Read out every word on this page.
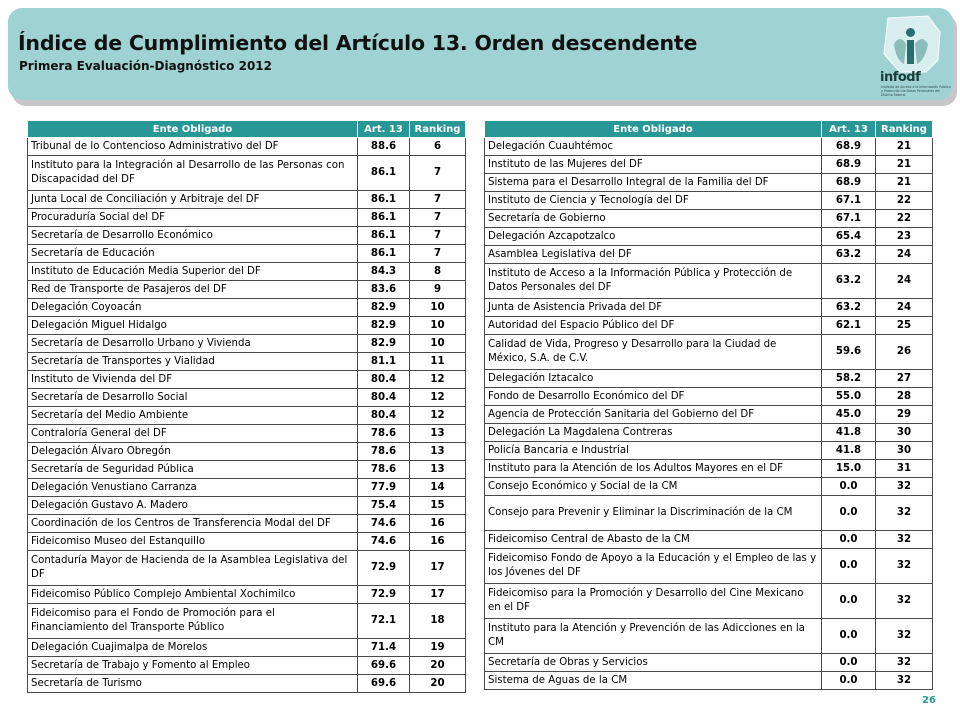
Índice de Cumplimiento del Artículo 13. Orden descendente
Primera Evaluación-Diagnóstico 2012
infodf
Instituto de Acceso a la Información Pública y Protección de Datos Personales del Distrito Federal
Ente Obligado	Art. 13	Ranking
Tribunal de lo Contencioso Administrativo del DF	88.6	6
Instituto para la Integración al Desarrollo de las Personas con Discapacidad del DF	86.1	7
Junta Local de Conciliación y Arbitraje del DF	86.1	7
Procuraduría Social del DF	86.1	7
Secretaría de Desarrollo Económico	86.1	7
Secretaría de Educación	86.1	7
Instituto de Educación Media Superior del DF	84.3	8
Red de Transporte de Pasajeros del DF	83.6	9
Delegación Coyoacán	82.9	10
Delegación Miguel Hidalgo	82.9	10
Secretaría de Desarrollo Urbano y Vivienda	82.9	10
Secretaría de Transportes y Vialidad	81.1	11
Instituto de Vivienda del DF	80.4	12
Secretaría de Desarrollo Social	80.4	12
Secretaría del Medio Ambiente	80.4	12
Contraloría General del DF	78.6	13
Delegación Álvaro Obregón	78.6	13
Secretaría de Seguridad Pública	78.6	13
Delegación Venustiano Carranza	77.9	14
Delegación Gustavo A. Madero	75.4	15
Coordinación de los Centros de Transferencia Modal del DF	74.6	16
Fideicomiso Museo del Estanquillo	74.6	16
Contaduría Mayor de Hacienda de la Asamblea Legislativa del DF	72.9	17
Fideicomiso Público Complejo Ambiental Xochimilco	72.9	17
Fideicomiso para el Fondo de Promoción para el Financiamiento del Transporte Público	72.1	18
Delegación Cuajimalpa de Morelos	71.4	19
Secretaría de Trabajo y Fomento al Empleo	69.6	20
Secretaría de Turismo	69.6	20
Ente Obligado	Art. 13	Ranking
Delegación Cuauhtémoc	68.9	21
Instituto de las Mujeres del DF	68.9	21
Sistema para el Desarrollo Integral de la Familia del DF	68.9	21
Instituto de Ciencia y Tecnología del DF	67.1	22
Secretaría de Gobierno	67.1	22
Delegación Azcapotzalco	65.4	23
Asamblea Legislativa del DF	63.2	24
Instituto de Acceso a la Información Pública y Protección de Datos Personales del DF	63.2	24
Junta de Asistencia Privada del DF	63.2	24
Autoridad del Espacio Público del DF	62.1	25
Calidad de Vida, Progreso y Desarrollo para la Ciudad de México, S.A. de C.V.	59.6	26
Delegación Iztacalco	58.2	27
Fondo de Desarrollo Económico del DF	55.0	28
Agencia de Protección Sanitaria del Gobierno del DF	45.0	29
Delegación La Magdalena Contreras	41.8	30
Policía Bancaria e Industrial	41.8	30
Instituto para la Atención de los Adultos Mayores en el DF	15.0	31
Consejo Económico y Social de la CM	0.0	32
Consejo para Prevenir y Eliminar la Discriminación de la CM	0.0	32
Fideicomiso Central de Abasto de la CM	0.0	32
Fideicomiso Fondo de Apoyo a la Educación y el Empleo de las y los Jóvenes del DF	0.0	32
Fideicomiso para la Promoción y Desarrollo del Cine Mexicano en el DF	0.0	32
Instituto para la Atención y Prevención de las Adicciones en la CM	0.0	32
Secretaría de Obras y Servicios	0.0	32
Sistema de Aguas de la CM	0.0	32
26
